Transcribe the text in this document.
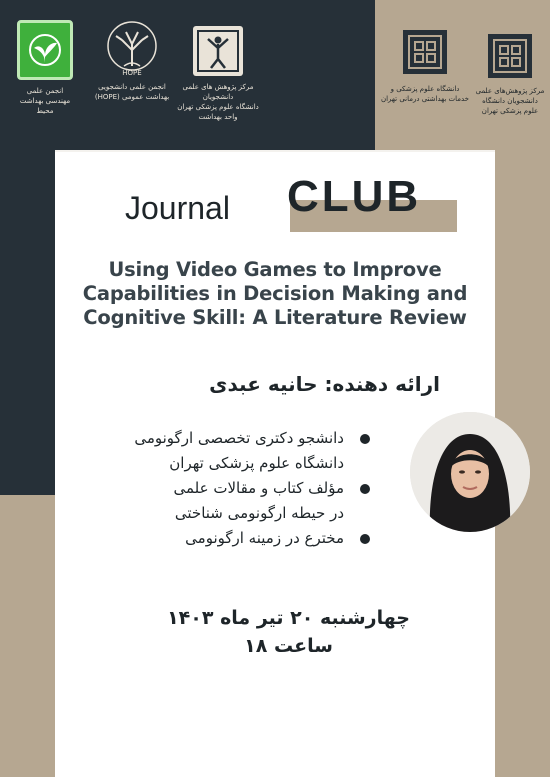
انجمن علمی
مهندسی بهداشت محیط
HOPE
انجمن علمی دانشجویی
بهداشت عمومی (HOPE)
مرکز پژوهش های علمی دانشجویان
دانشگاه علوم پزشکی تهران
واحد بهداشت
دانشگاه علوم پزشکی و
خدمات بهداشتی درمانی تهران
مرکز پژوهش‌های علمی
دانشجویان دانشگاه
علوم پزشکی تهران
Journal CLUB
Using Video Games to Improve
Capabilities in Decision Making and
Cognitive Skill: A Literature Review
ارائه دهنده: حانیه عبدی
دانشجو دکتری تخصصی ارگونومی
دانشگاه علوم پزشکی تهران
مؤلف کتاب و مقالات علمی
در حیطه ارگونومی شناختی
مخترع در زمینه ارگونومی
چهارشنبه ۲۰ تیر ماه ۱۴۰۳
ساعت ۱۸
